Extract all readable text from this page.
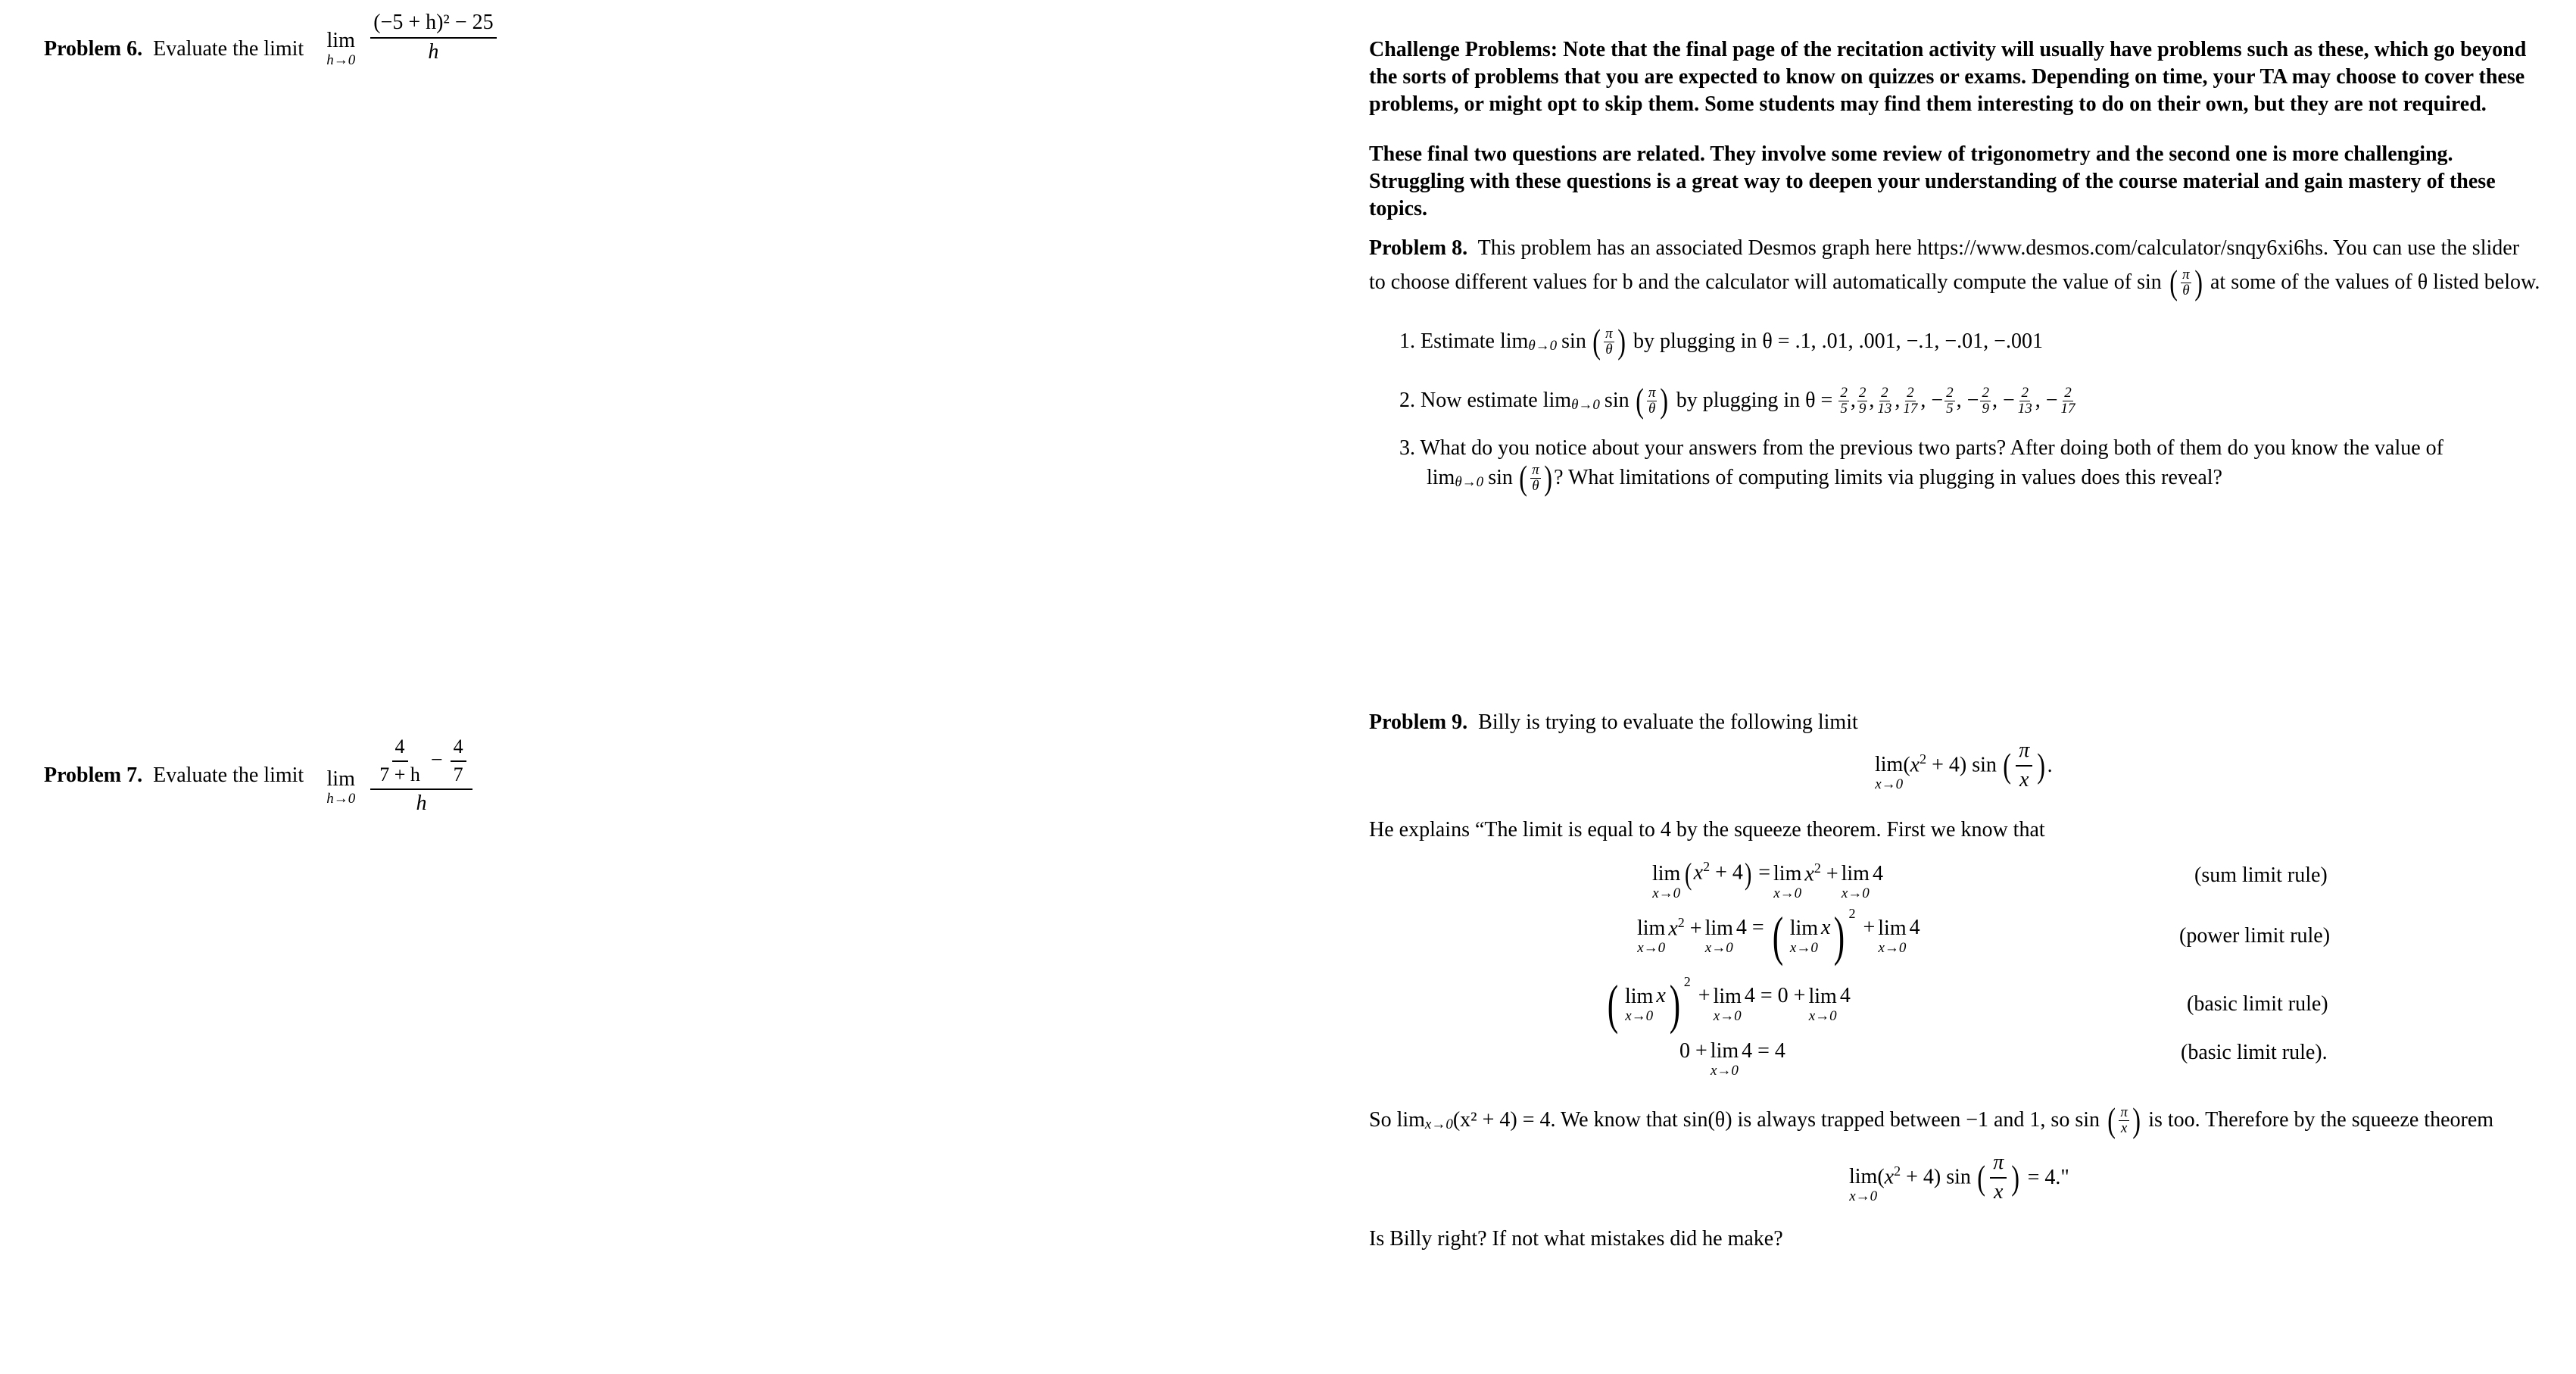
Problem 6. Evaluate the limit lim
$h\to 0 \frac{\text{(−5 + h)² − 25}}{h}$
Problem 7. Evaluate the limit lim
$h\to 0 \frac{\frac{4}{7 + h} - \frac{4}{7}}{h}$
Challenge Problems: Note that the final page of the recitation activity will usually have problems such as these, which go beyond the sorts of problems that you are expected to know on quizzes or exams. Depending on time, your TA may choose to cover these problems, or might opt to skip them. Some students may find them interesting to do on their own, but they are not required.
These final two questions are related. They involve some review of trigonometry and the second one is more challenging. Struggling with these questions is a great way to deepen your understanding of the course material and gain mastery of these topics.
Problem 8. This problem has an associated Desmos graph here https://www.desmos.com/calculator/snqy6xi6hs. You can use the slider
to choose different values for b and the calculator will automatically compute the value of sin ( π
θ ) at some of the values of θ listed below.
1. Estimate lim θ→0 sin ( π
θ ) by plugging in θ = .1, .01, .001, −.1, −.01, −.001
2. Now estimate lim θ→0 sin ( π
θ ) by plugging in $\theta = \frac{2}{5}$ , 2
9 , 2
13 , 2
17 , − 2
5 , − 2
9 , − 2
13 , − 2
17
3. What do you notice about your answers from the previous two parts? After doing both of them do you know the value of
lim θ→0 sin ( π
θ ) ? What limitations of computing limits via plugging in values does this reveal?
Problem 9. Billy is trying to evaluate the following limit
lim
x→0
$(x^2 + 4)$ sin ( $\frac{\pi}{x}$ ) .
He explains “The limit is equal to 4 by the squeeze theorem. First we know that
lim
x→0
$(x^2 + 4) = \lim$
x→0
$x^2 + \lim$
x→0
4	(sum limit rule)
lim
x→0
$x^2 + \lim$
x→0
4 = ( lim
x→0
x ) $^2$
+ lim
x→0
4	(power limit rule)
( lim
x→0
x ) $^2$
+ lim
x→0
4 = 0 + lim
x→0
4	(basic limit rule)
0 + lim
x→0
4 = 4	(basic limit rule).
So lim x→0 (x² + 4) = 4. We know that sin(θ) is always trapped between −1 and 1, so sin ( π
x ) is too. Therefore by the squeeze theorem
lim
x→0
$(x^2 + 4)$ sin ( $\frac{\pi}{x}$ ) = 4."
Is Billy right? If not what mistakes did he make?
